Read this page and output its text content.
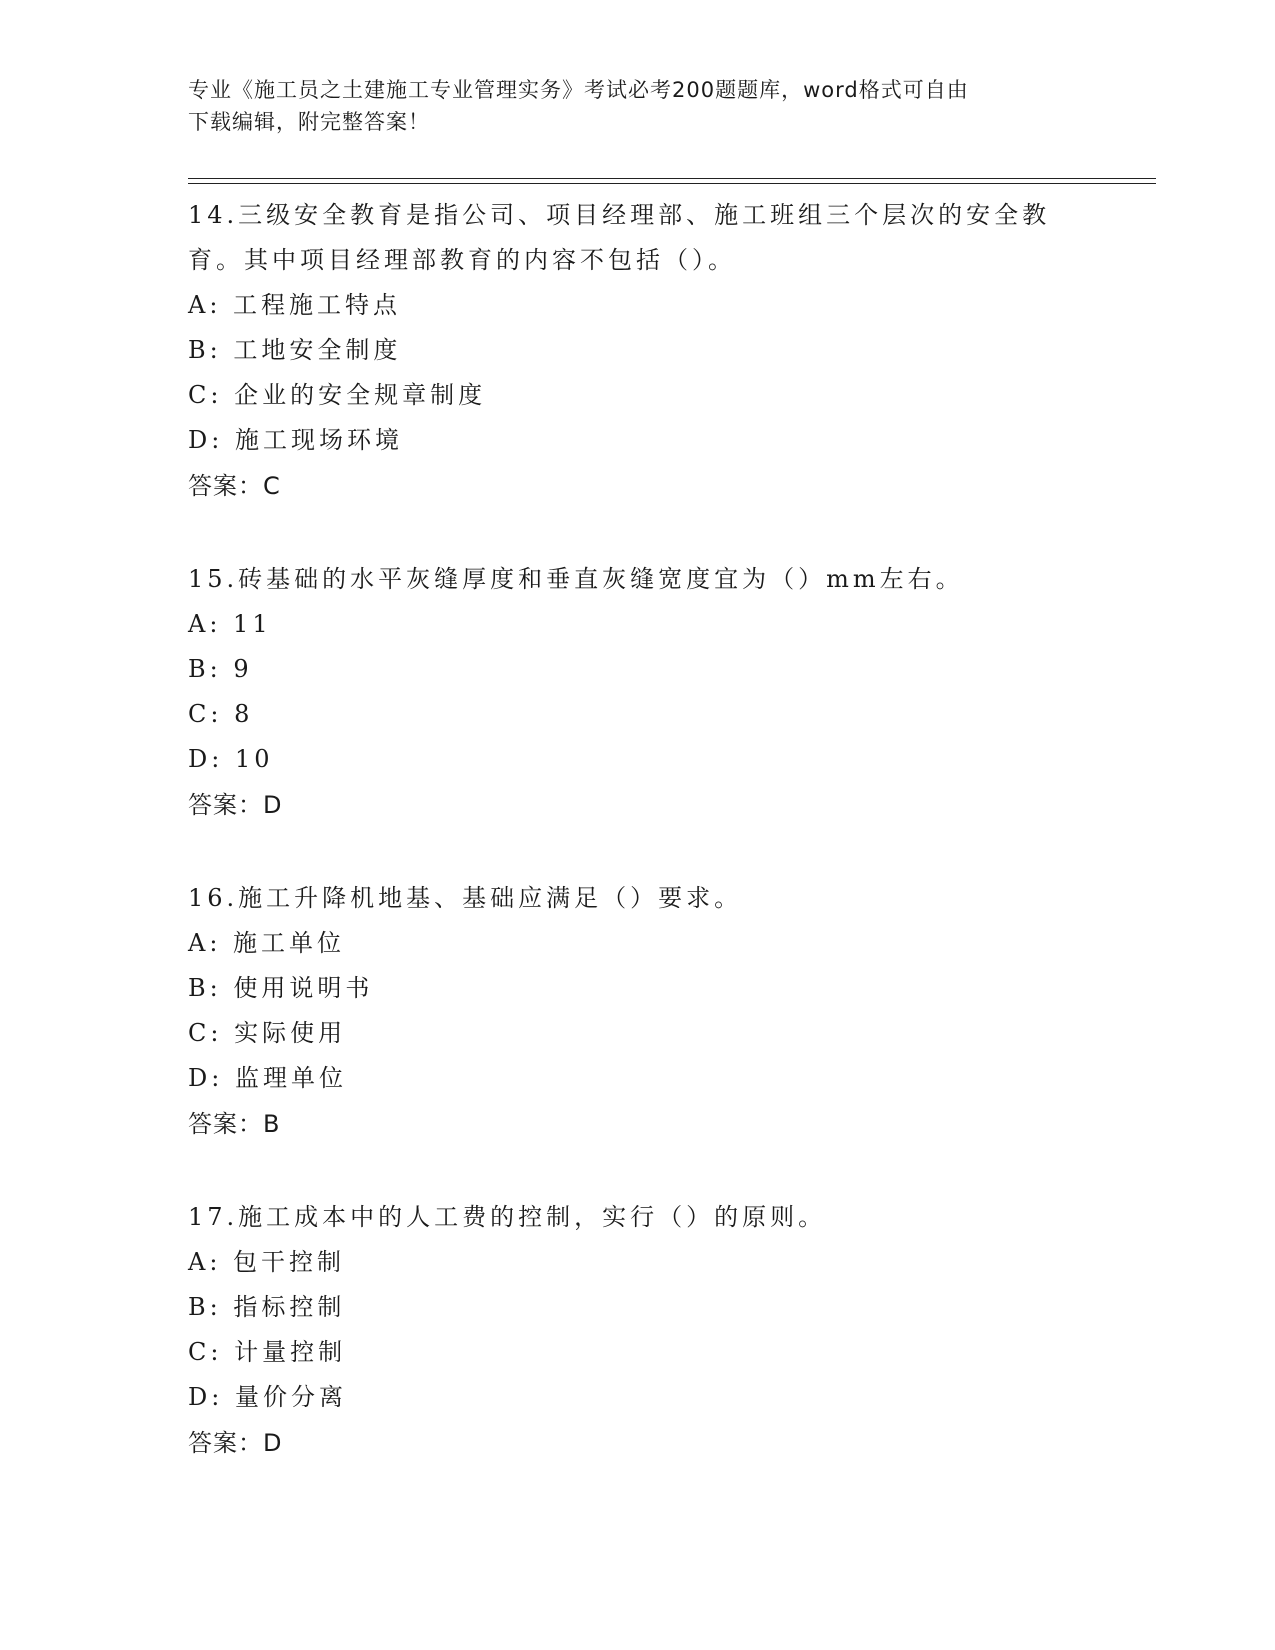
专业《施工员之土建施工专业管理实务》考试必考200题题库，word格式可自由
下载编辑，附完整答案！

14.三级安全教育是指公司、项目经理部、施工班组三个层次的安全教
育。其中项目经理部教育的内容不包括（）。

A: 工程施工特点

B: 工地安全制度

C: 企业的安全规章制度

D: 施工现场环境

答案：C

15.砖基础的水平灰缝厚度和垂直灰缝宽度宜为（）mm左右。

A: 11

B: 9

C: 8

D: 10

答案：D

16.施工升降机地基、基础应满足（）要求。

A: 施工单位

B: 使用说明书

C: 实际使用

D: 监理单位

答案：B

17.施工成本中的人工费的控制，实行（）的原则。

A: 包干控制

B: 指标控制

C: 计量控制

D: 量价分离

答案：D
